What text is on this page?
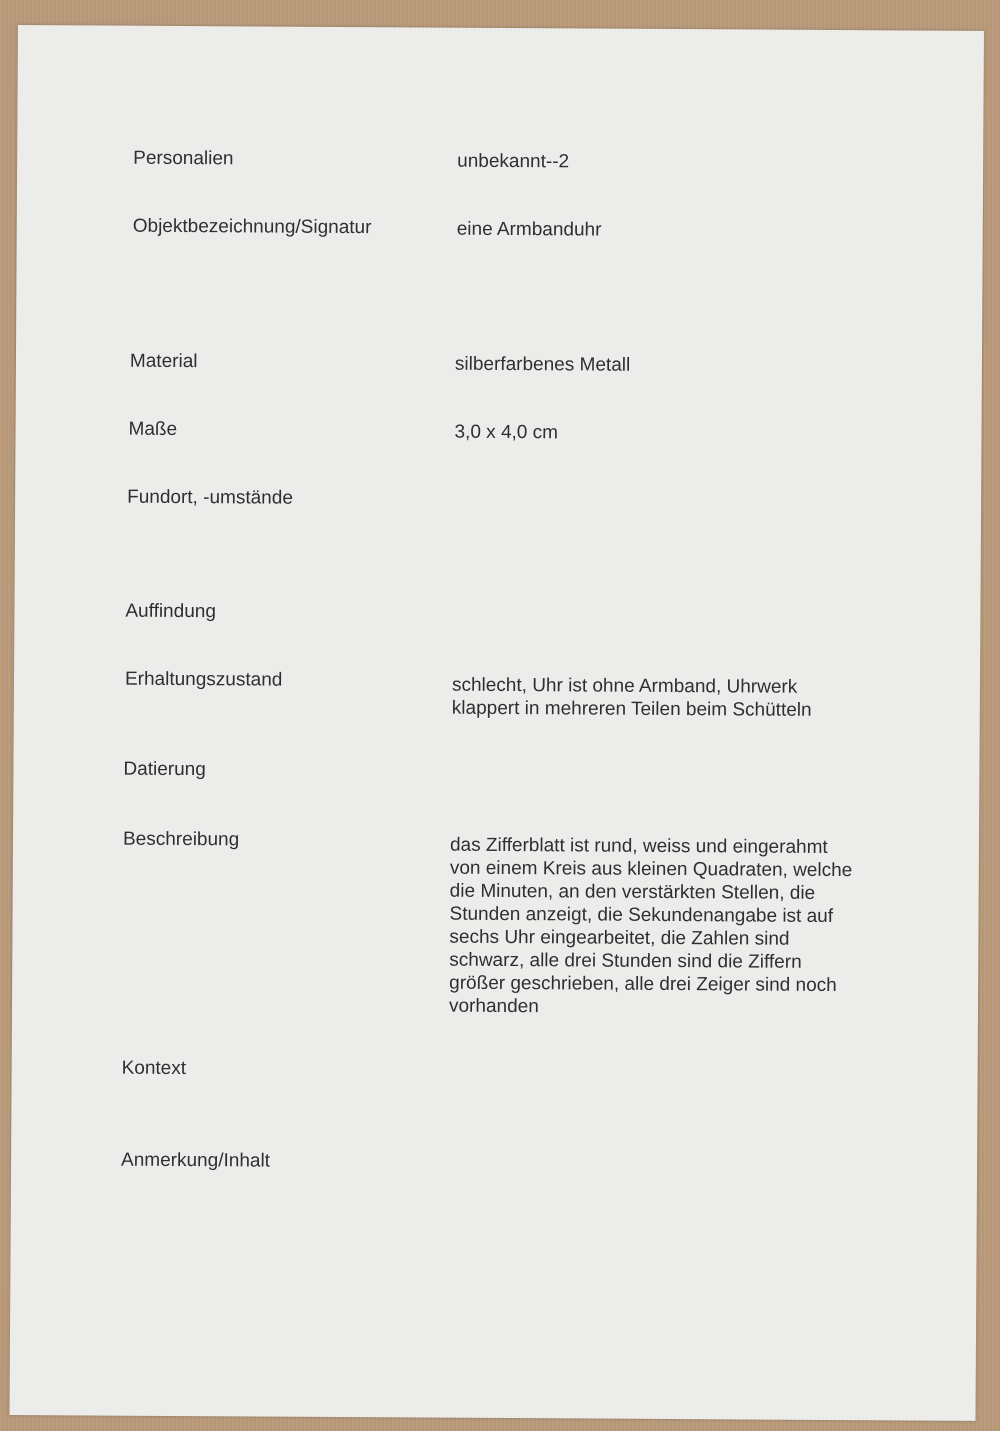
Personalien	unbekannt--2
Objektbezeichnung/Signatur	eine Armbanduhr
Material	silberfarbenes Metall
Maße	3,0 x 4,0 cm
Fundort, -umstände
Auffindung
Erhaltungszustand	schlecht, Uhr ist ohne Armband, Uhrwerk
klappert in mehreren Teilen beim Schütteln
Datierung
Beschreibung	das Zifferblatt ist rund, weiss und eingerahmt
von einem Kreis aus kleinen Quadraten, welche
die Minuten, an den verstärkten Stellen, die
Stunden anzeigt, die Sekundenangabe ist auf
sechs Uhr eingearbeitet, die Zahlen sind
schwarz, alle drei Stunden sind die Ziffern
größer geschrieben, alle drei Zeiger sind noch
vorhanden
Kontext
Anmerkung/Inhalt
